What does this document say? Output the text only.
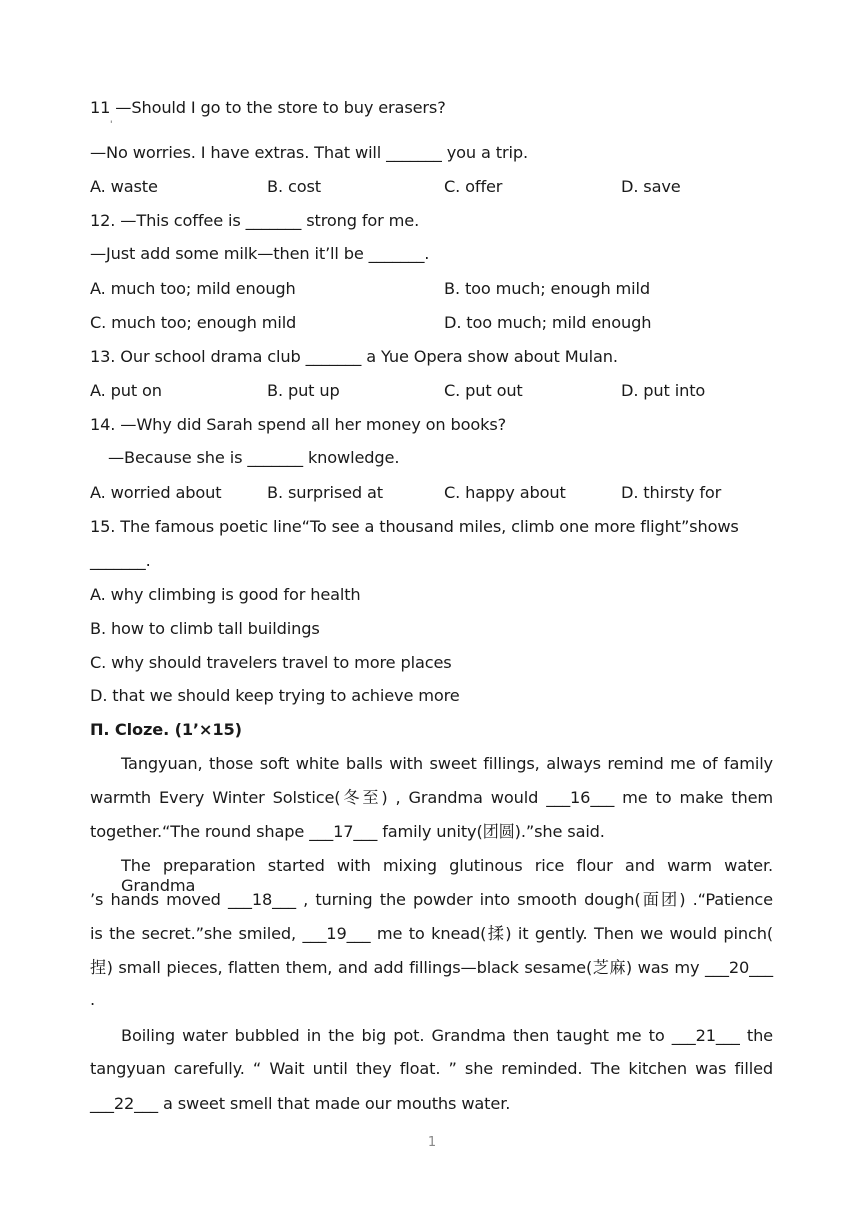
11 —Should I go to the store to buy erasers?
'
—No worries. I have extras. That will _______ you a trip.
A. waste	B. cost	C. offer	D. save
12. —This coffee is _______ strong for me.
—Just add some milk—then it’ll be _______.
A. much too; mild enough	B. too much; enough mild
C. much too; enough mild	D. too much; mild enough
13. Our school drama club _______ a Yue Opera show about Mulan.
A. put on	B. put up	C. put out	D. put into
14. —Why did Sarah spend all her money on books?
—Because she is _______ knowledge.
A. worried about	B. surprised at	C. happy about	D. thirsty for
15. The famous poetic line“To see a thousand miles, climb one more flight”shows
_______.
A. why climbing is good for health
B. how to climb tall buildings
C. why should travelers travel to more places
D. that we should keep trying to achieve more
Π. Cloze. (1’×15)
Tangyuan, those soft white balls with sweet fillings, always remind me of family
warmth Every Winter Solstice(冬至) , Grandma would ___16___ me to make them
together.“The round shape ___17___ family unity(团圆).”she said.
The preparation started with mixing glutinous rice flour and warm water. Grandma
’s hands moved ___18___ , turning the powder into smooth dough(面团) .“Patience
is the secret.”she smiled, ___19___ me to knead(揉) it gently. Then we would pinch(
捏) small pieces, flatten them, and add fillings—black sesame(芝麻) was my ___20___
.
Boiling water bubbled in the big pot. Grandma then taught me to ___21___ the
tangyuan carefully. “ Wait until they float. ” she reminded. The kitchen was filled
___22___ a sweet smell that made our mouths water.
1
